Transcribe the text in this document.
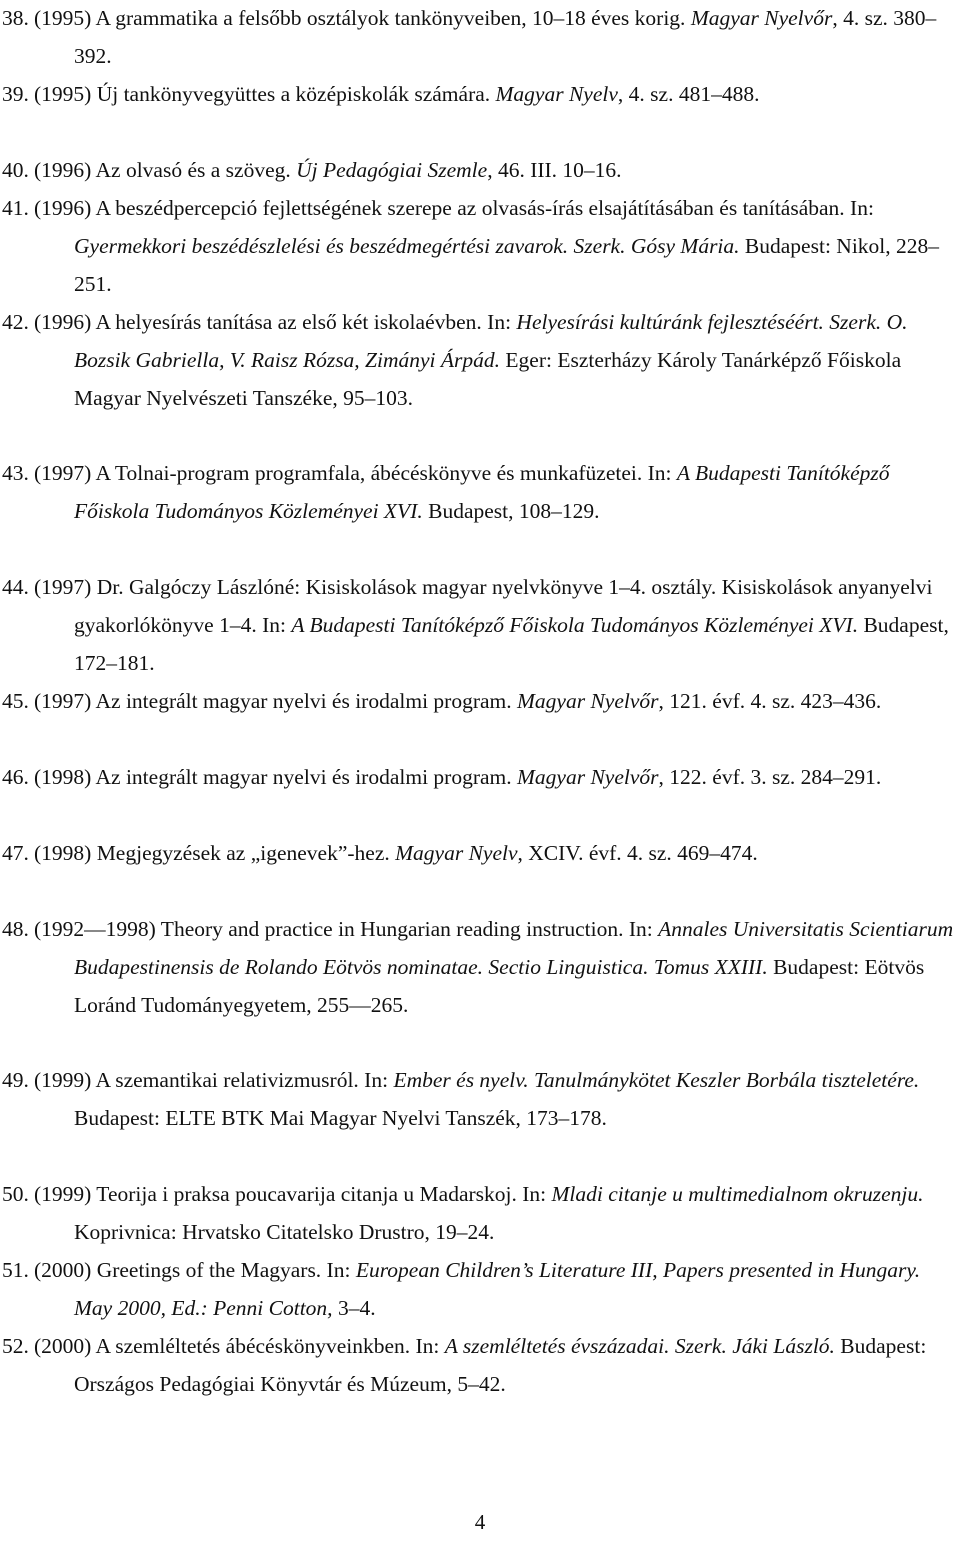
38. (1995) A grammatika a felsőbb osztályok tankönyveiben, 10–18 éves korig. Magyar Nyelvőr, 4. sz. 380–392.
39. (1995) Új tankönyvegyüttes a középiskolák számára. Magyar Nyelv, 4. sz. 481–488.
40. (1996) Az olvasó és a szöveg. Új Pedagógiai Szemle, 46. III. 10–16.
41. (1996) A beszédpercepció fejlettségének szerepe az olvasás-írás elsajátításában és tanításában. In: Gyermekkori beszédészlelési és beszédmegértési zavarok. Szerk. Gósy Mária. Budapest: Nikol, 228–251.
42. (1996) A helyesírás tanítása az első két iskolaévben. In: Helyesírási kultúránk fejlesztéséért. Szerk. O. Bozsik Gabriella, V. Raisz Rózsa, Zimányi Árpád. Eger: Eszterházy Károly Tanárképző Főiskola Magyar Nyelvészeti Tanszéke, 95–103.
43. (1997) A Tolnai-program programfala, ábécéskönyve és munkafüzetei. In: A Budapesti Tanítóképző Főiskola Tudományos Közleményei XVI. Budapest, 108–129.
44. (1997) Dr. Galgóczy Lászlóné: Kisiskolások magyar nyelvkönyve 1–4. osztály. Kisiskolások anyanyelvi gyakorlókönyve 1–4. In: A Budapesti Tanítóképző Főiskola Tudományos Közleményei XVI. Budapest, 172–181.
45. (1997) Az integrált magyar nyelvi és irodalmi program. Magyar Nyelvőr, 121. évf. 4. sz. 423–436.
46. (1998) Az integrált magyar nyelvi és irodalmi program. Magyar Nyelvőr, 122. évf. 3. sz. 284–291.
47. (1998) Megjegyzések az „igenevek”-hez. Magyar Nyelv, XCIV. évf. 4. sz. 469–474.
48. (1992—1998) Theory and practice in Hungarian reading instruction. In: Annales Universitatis Scientiarum Budapestinensis de Rolando Eötvös nominatae. Sectio Linguistica. Tomus XXIII. Budapest: Eötvös Loránd Tudományegyetem, 255—265.
49. (1999) A szemantikai relativizmusról. In: Ember és nyelv. Tanulmánykötet Keszler Borbála tiszteletére. Budapest: ELTE BTK Mai Magyar Nyelvi Tanszék, 173–178.
50. (1999) Teorija i praksa poucavarija citanja u Madarskoj. In: Mladi citanje u multimedialnom okruzenju. Koprivnica: Hrvatsko Citatelsko Drustro, 19–24.
51. (2000) Greetings of the Magyars. In: European Children’s Literature III, Papers presented in Hungary. May 2000, Ed.: Penni Cotton, 3–4.
52. (2000) A szemléltetés ábécéskönyveinkben. In: A szemléltetés évszázadai. Szerk. Jáki László. Budapest: Országos Pedagógiai Könyvtár és Múzeum, 5–42.
4
